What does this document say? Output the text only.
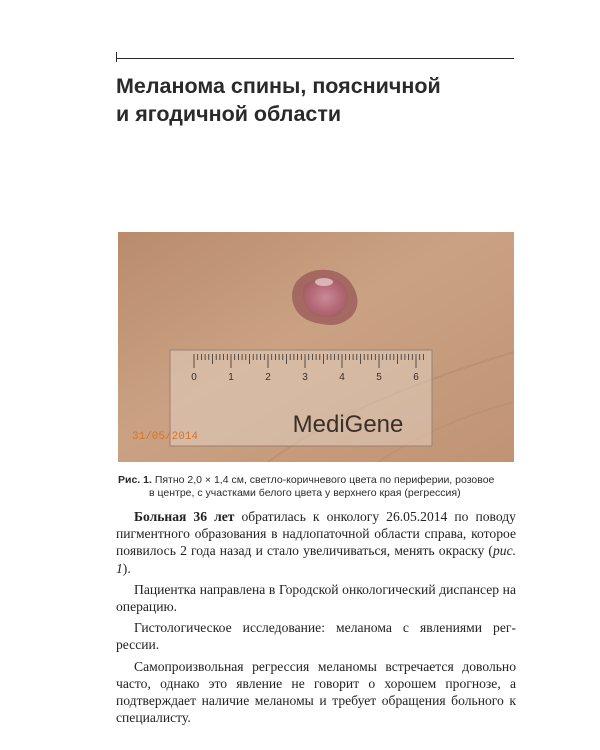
Меланома спины, поясничной
и ягодичной области
0	1	2	3	4	5	6
MediGene
31/05/2014
Рис. 1. Пятно 2,0 × 1,4 см, светло-коричневого цвета по периферии, розовое
в центре, с участками белого цвета у верхнего края (регрессия)

Больная 36 лет обратилась к онкологу 26.05.2014 по поводу пигментного образования в надлопаточной области справа, которое появилось 2 года назад и стало увеличиваться, менять окраску (рис. 1).

Пациентка направлена в Городской онкологический диспансер на операцию.

Гистологическое исследование: меланома с явлениями регрессии.

Самопроизвольная регрессия меланомы встречается довольно часто, однако это явление не говорит о хорошем прогнозе, а подтверждает наличие меланомы и требует обращения больного к специалисту.
